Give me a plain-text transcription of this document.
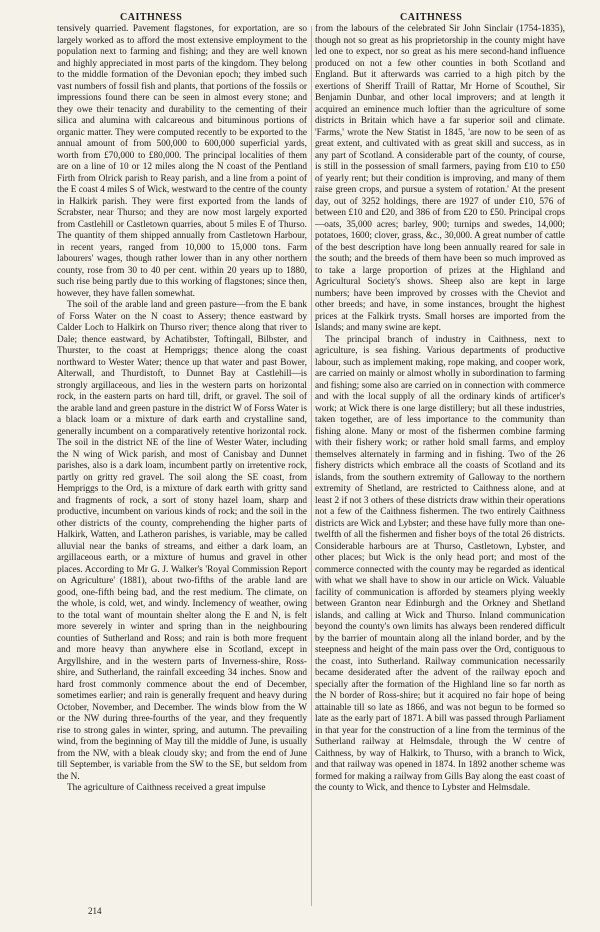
CAITHNESS	CAITHNESS

tensively quarried. Pavement flagstones, for exportation, are so largely worked as to afford the most extensive employment to the population next to farming and fishing; and they are well known and highly appreciated in most parts of the kingdom. They belong to the middle formation of the Devonian epoch; they imbed such vast numbers of fossil fish and plants, that portions of the fossils or impressions found there can be seen in almost every stone; and they owe their tenacity and durability to the cementing of their silica and alumina with calcareous and bituminous portions of organic matter. They were computed recently to be exported to the annual amount of from 500,000 to 600,000 superficial yards, worth from £70,000 to £80,000. The principal localities of them are on a line of 10 or 12 miles along the N coast of the Pentland Firth from Olrick parish to Reay parish, and a line from a point of the E coast 4 miles S of Wick, westward to the centre of the county in Halkirk parish. They were first exported from the lands of Scrabster, near Thurso; and they are now most largely exported from Castlehill or Castletown quarries, about 5 miles E of Thurso. The quantity of them shipped annually from Castletown Harbour, in recent years, ranged from 10,000 to 15,000 tons. Farm labourers' wages, though rather lower than in any other northern county, rose from 30 to 40 per cent. within 20 years up to 1880, such rise being partly due to this working of flagstones; since then, however, they have fallen somewhat.

The soil of the arable land and green pasture—from the E bank of Forss Water on the N coast to Assery; thence eastward by Calder Loch to Halkirk on Thurso river; thence along that river to Dale; thence eastward, by Achatibster, Toftingall, Bilbster, and Thurster, to the coast at Hempriggs; thence along the coast northward to Wester Water; thence up that water and past Bower, Alterwall, and Thurdistoft, to Dunnet Bay at Castlehill—is strongly argillaceous, and lies in the western parts on horizontal rock, in the eastern parts on hard till, drift, or gravel. The soil of the arable land and green pasture in the district W of Forss Water is a black loam or a mixture of dark earth and crystalline sand, generally incumbent on a comparatively retentive horizontal rock. The soil in the district NE of the line of Wester Water, including the N wing of Wick parish, and most of Canisbay and Dunnet parishes, also is a dark loam, incumbent partly on irretentive rock, partly on gritty red gravel. The soil along the SE coast, from Hempriggs to the Ord, is a mixture of dark earth with gritty sand and fragments of rock, a sort of stony hazel loam, sharp and productive, incumbent on various kinds of rock; and the soil in the other districts of the county, comprehending the higher parts of Halkirk, Watten, and Latheron parishes, is variable, may be called alluvial near the banks of streams, and either a dark loam, an argillaceous earth, or a mixture of humus and gravel in other places. According to Mr G. J. Walker's 'Royal Commission Report on Agriculture' (1881), about two-fifths of the arable land are good, one-fifth being bad, and the rest medium. The climate, on the whole, is cold, wet, and windy. Inclemency of weather, owing to the total want of mountain shelter along the E and N, is felt more severely in winter and spring than in the neighbouring counties of Sutherland and Ross; and rain is both more frequent and more heavy than anywhere else in Scotland, except in Argyllshire, and in the western parts of Inverness-shire, Ross-shire, and Sutherland, the rainfall exceeding 34 inches. Snow and hard frost commonly commence about the end of December, sometimes earlier; and rain is generally frequent and heavy during October, November, and December. The winds blow from the W or the NW during three-fourths of the year, and they frequently rise to strong gales in winter, spring, and autumn. The prevailing wind, from the beginning of May till the middle of June, is usually from the NW, with a bleak cloudy sky; and from the end of June till September, is variable from the SW to the SE, but seldom from the N.

The agriculture of Caithness received a great impulse

from the labours of the celebrated Sir John Sinclair (1754-1835), though not so great as his proprietorship in the county might have led one to expect, nor so great as his mere second-hand influence produced on not a few other counties in both Scotland and England. But it afterwards was carried to a high pitch by the exertions of Sheriff Traill of Rattar, Mr Horne of Scouthel, Sir Benjamin Dunbar, and other local improvers; and at length it acquired an eminence much loftier than the agriculture of some districts in Britain which have a far superior soil and climate. 'Farms,' wrote the New Statist in 1845, 'are now to be seen of as great extent, and cultivated with as great skill and success, as in any part of Scotland. A considerable part of the county, of course, is still in the possession of small farmers, paying from £10 to £50 of yearly rent; but their condition is improving, and many of them raise green crops, and pursue a system of rotation.' At the present day, out of 3252 holdings, there are 1927 of under £10, 576 of between £10 and £20, and 386 of from £20 to £50. Principal crops—oats, 35,000 acres; barley, 900; turnips and swedes, 14,000; potatoes, 1600; clover, grass, &c., 30,000. A great number of cattle of the best description have long been annually reared for sale in the south; and the breeds of them have been so much improved as to take a large proportion of prizes at the Highland and Agricultural Society's shows. Sheep also are kept in large numbers; have been improved by crosses with the Cheviot and other breeds; and have, in some instances, brought the highest prices at the Falkirk trysts. Small horses are imported from the Islands; and many swine are kept.

The principal branch of industry in Caithness, next to agriculture, is sea fishing. Various departments of productive labour, such as implement making, rope making, and cooper work, are carried on mainly or almost wholly in subordination to farming and fishing; some also are carried on in connection with commerce and with the local supply of all the ordinary kinds of artificer's work; at Wick there is one large distillery; but all these industries, taken together, are of less importance to the community than fishing alone. Many or most of the fishermen combine farming with their fishery work; or rather hold small farms, and employ themselves alternately in farming and in fishing. Two of the 26 fishery districts which embrace all the coasts of Scotland and its islands, from the southern extremity of Galloway to the northern extremity of Shetland, are restricted to Caithness alone, and at least 2 if not 3 others of these districts draw within their operations not a few of the Caithness fishermen. The two entirely Caithness districts are Wick and Lybster; and these have fully more than one-twelfth of all the fishermen and fisher boys of the total 26 districts. Considerable harbours are at Thurso, Castletown, Lybster, and other places; but Wick is the only head port; and most of the commerce connected with the county may be regarded as identical with what we shall have to show in our article on Wick. Valuable facility of communication is afforded by steamers plying weekly between Granton near Edinburgh and the Orkney and Shetland islands, and calling at Wick and Thurso. Inland communication beyond the county's own limits has always been rendered difficult by the barrier of mountain along all the inland border, and by the steepness and height of the main pass over the Ord, contiguous to the coast, into Sutherland. Railway communication necessarily became desiderated after the advent of the railway epoch and specially after the formation of the Highland line so far north as the N border of Ross-shire; but it acquired no fair hope of being attainable till so late as 1866, and was not begun to be formed so late as the early part of 1871. A bill was passed through Parliament in that year for the construction of a line from the terminus of the Sutherland railway at Helmsdale, through the W centre of Caithness, by way of Halkirk, to Thurso, with a branch to Wick, and that railway was opened in 1874. In 1892 another scheme was formed for making a railway from Gills Bay along the east coast of the county to Wick, and thence to Lybster and Helmsdale.

214
